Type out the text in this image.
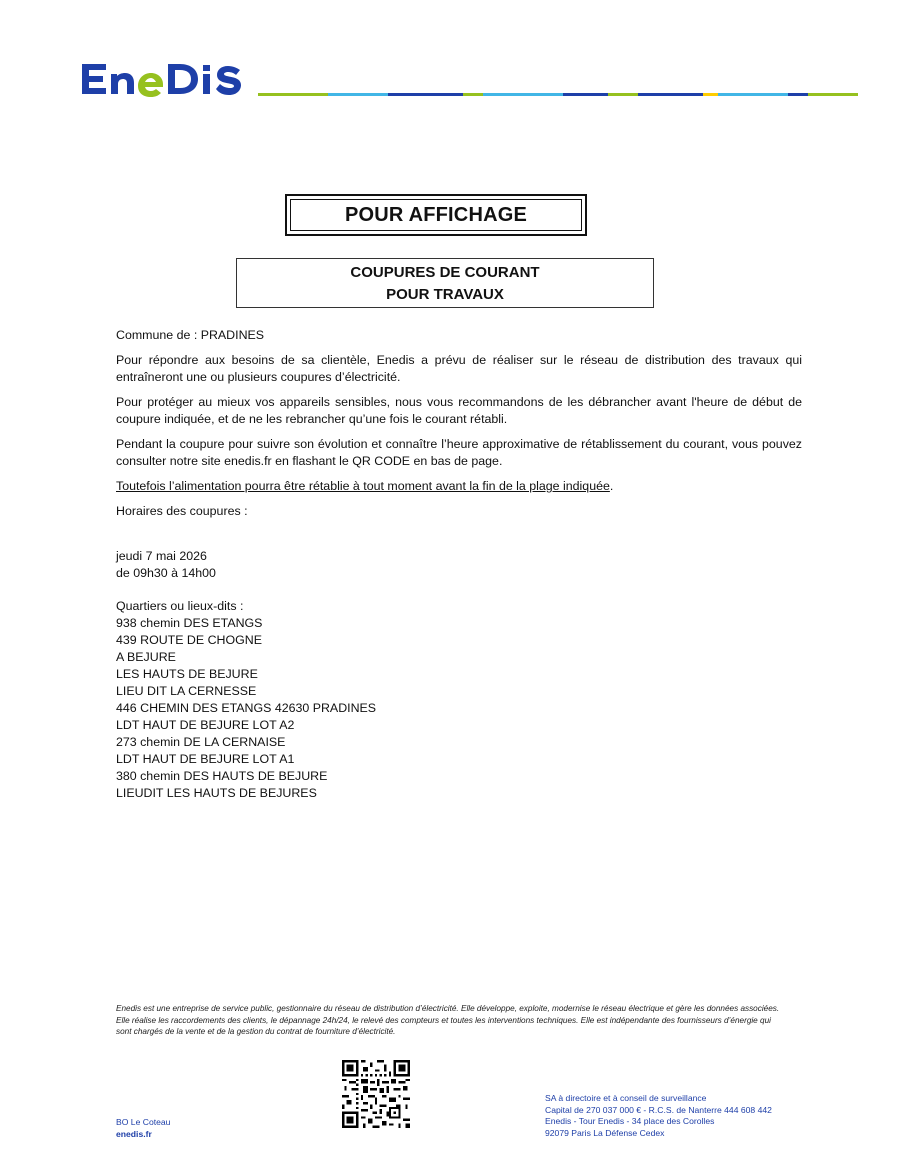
POUR AFFICHAGE
COUPURES DE COURANT
POUR TRAVAUX

Commune de : PRADINES

Pour répondre aux besoins de sa clientèle, Enedis a prévu de réaliser sur le réseau de distribution des travaux qui entraîneront une ou plusieurs coupures d’électricité.

Pour protéger au mieux vos appareils sensibles, nous vous recommandons de les débrancher avant l'heure de début de coupure indiquée, et de ne les rebrancher qu’une fois le courant rétabli.

Pendant la coupure pour suivre son évolution et connaître l’heure approximative de rétablissement du courant, vous pouvez consulter notre site enedis.fr en flashant le QR CODE en bas de page.

Toutefois l’alimentation pourra être rétablie à tout moment avant la fin de la plage indiquée.

Horaires des coupures :

jeudi 7 mai 2026
de 09h30 à 14h00
Quartiers ou lieux-dits :
938 chemin DES ETANGS
439 ROUTE DE CHOGNE
A BEJURE
LES HAUTS DE BEJURE
LIEU DIT LA CERNESSE
446 CHEMIN DES ETANGS 42630 PRADINES
LDT HAUT DE BEJURE LOT A2
273 chemin DE LA CERNAISE
LDT HAUT DE BEJURE LOT A1
380 chemin DES HAUTS DE BEJURE
LIEUDIT LES HAUTS DE BEJURES
Enedis est une entreprise de service public, gestionnaire du réseau de distribution d’électricité. Elle développe, exploite, modernise le réseau électrique et gère les données associées. Elle réalise les raccordements des clients, le dépannage 24h/24, le relevé des compteurs et toutes les interventions techniques. Elle est indépendante des fournisseurs d’énergie qui sont chargés de la vente et de la gestion du contrat de fourniture d’électricité.
BO Le Coteau
enedis.fr
SA à directoire et à conseil de surveillance
Capital de 270 037 000 € - R.C.S. de Nanterre 444 608 442
Enedis - Tour Enedis - 34 place des Corolles
92079 Paris La Défense Cedex
